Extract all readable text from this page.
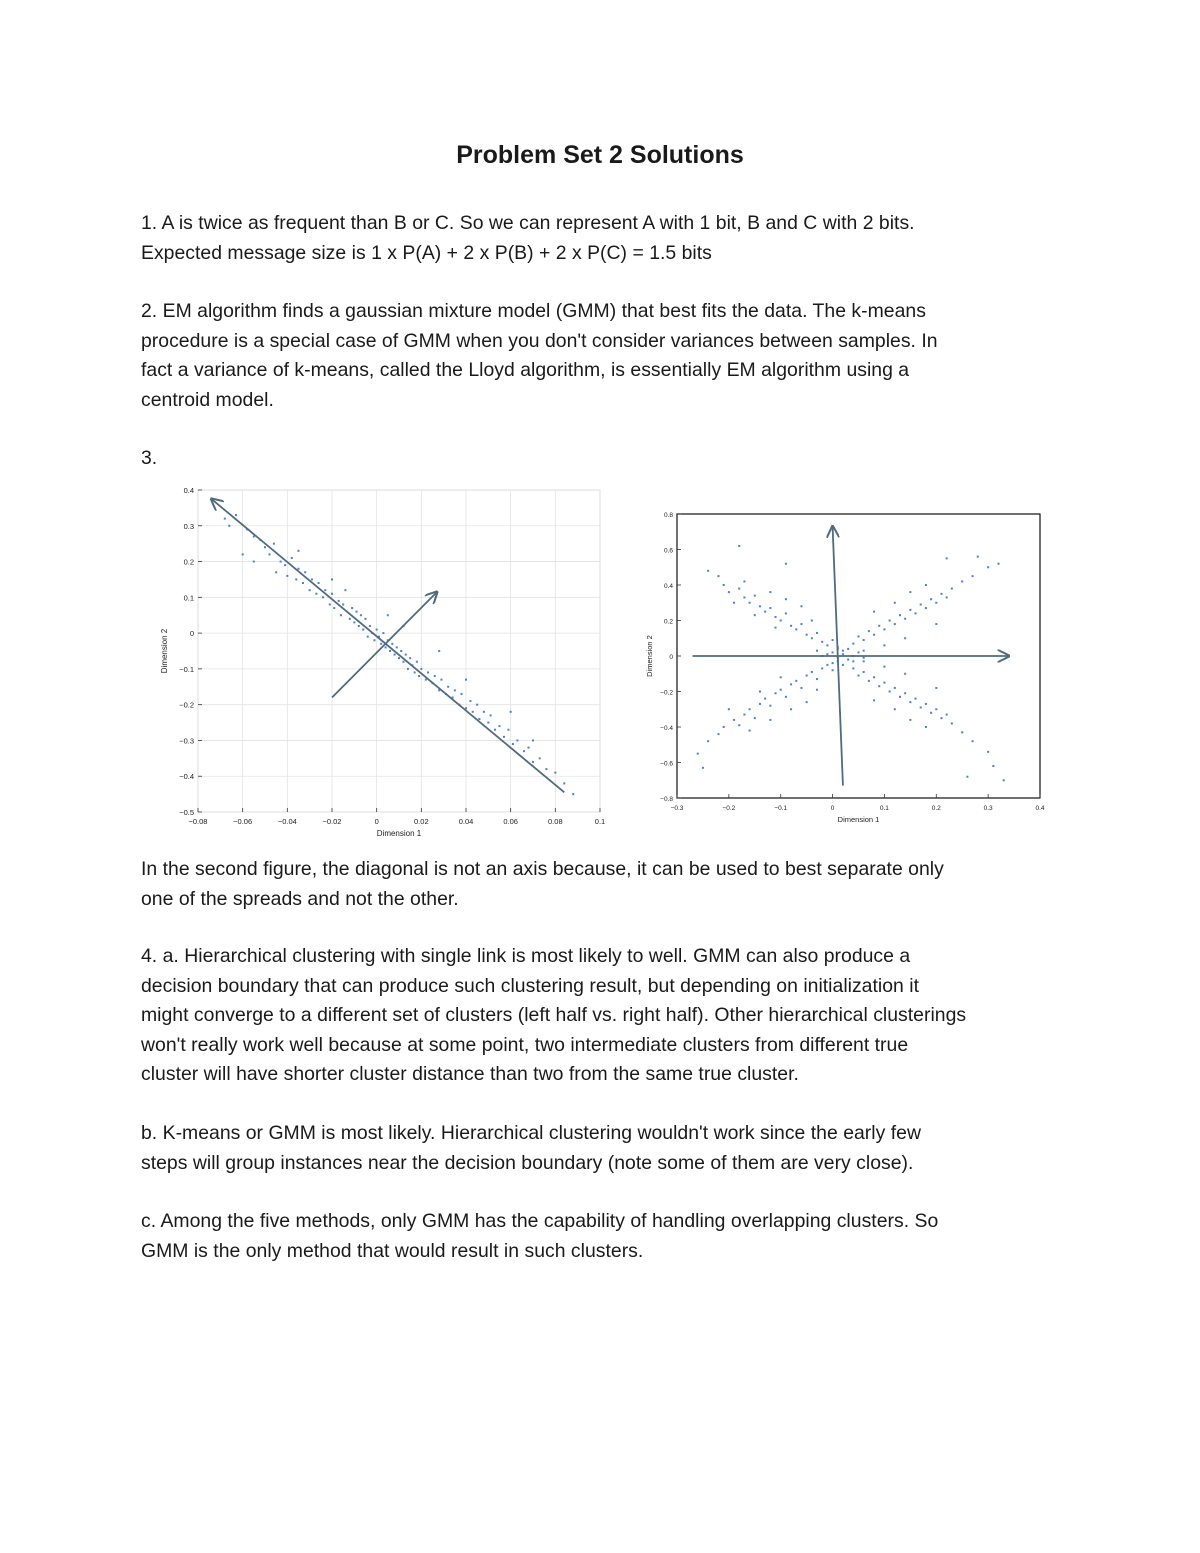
Problem Set 2 Solutions
1. A is twice as frequent than B or C. So we can represent A with 1 bit, B and C with 2 bits.
Expected message size is 1 x P(A) + 2 x P(B) + 2 x P(C) = 1.5 bits
2. EM algorithm finds a gaussian mixture model (GMM) that best fits the data. The k-means
procedure is a special case of GMM when you don't consider variances between samples. In
fact a variance of k-means, called the Lloyd algorithm, is essentially EM algorithm using a
centroid model.
3.
−0.08	−0.06	−0.04	−0.02	0	0.02	0.04	0.06	0.08	0.1
0.4
0.3
0.2
0.1
0
−0.1
−0.2
−0.3
−0.4
−0.5
Dimension 1
Dimension 2
−0.3	−0.2	−0.1	0	0.1	0.2	0.3	0.4
0.8
0.6
0.4
0.2
0
−0.2
−0.4
−0.6
−0.8
Dimension 1
Dimension 2
In the second figure, the diagonal is not an axis because, it can be used to best separate only
one of the spreads and not the other.
4. a. Hierarchical clustering with single link is most likely to well. GMM can also produce a
decision boundary that can produce such clustering result, but depending on initialization it
might converge to a different set of clusters (left half vs. right half). Other hierarchical clusterings
won't really work well because at some point, two intermediate clusters from different true
cluster will have shorter cluster distance than two from the same true cluster.
b. K-means or GMM is most likely. Hierarchical clustering wouldn't work since the early few
steps will group instances near the decision boundary (note some of them are very close).
c. Among the five methods, only GMM has the capability of handling overlapping clusters. So
GMM is the only method that would result in such clusters.
